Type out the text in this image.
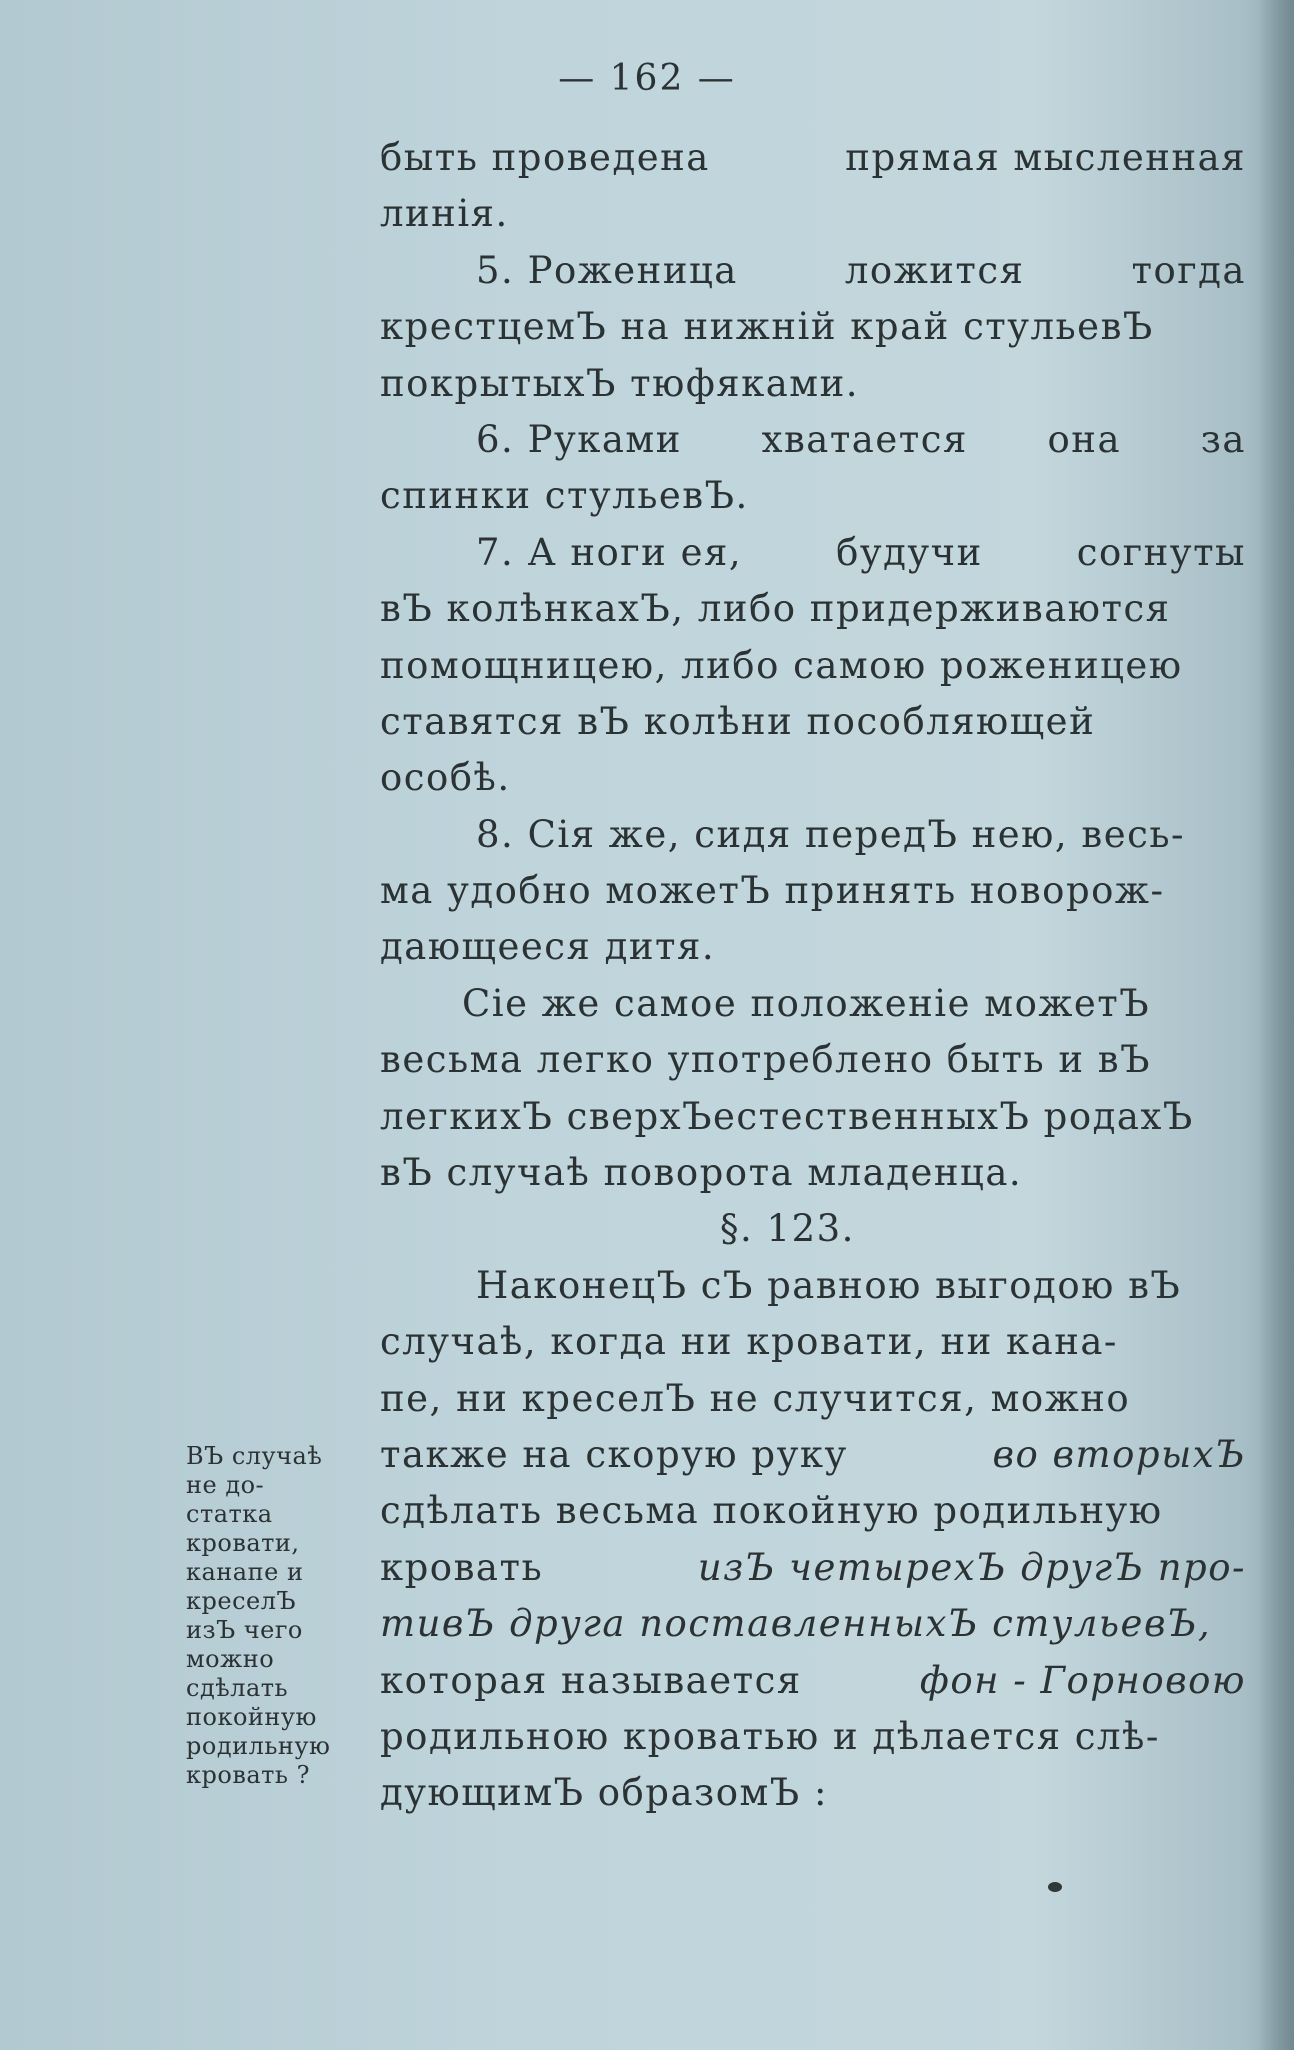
— 162 —
быть проведена	прямая мысленная
линія.
5. Роженица	ложится	тогда
крестцемЪ на нижній край стульевЪ
покрытыхЪ тюфяками.
6. Руками хватается она за
спинки стульевЪ.
7. А ноги ея,	будучи	согнуты
вЪ колѣнкахЪ, либо придерживаются
помощницею, либо самою роженицею
ставятся вЪ колѣни пособляющей
особѣ.
8. Сія же, сидя передЪ нею, весь-
ма удобно можетЪ принять новорож-
дающееся дитя.
Сіе же самое положеніе можетЪ
весьма легко употреблено быть и вЪ
легкихЪ сверхЪестественныхЪ родахЪ
вЪ случаѣ поворота младенца.
§. 123.
НаконецЪ сЪ равною выгодою вЪ
случаѣ, когда ни кровати, ни кана-
пе, ни креселЪ не случится, можно
также на скорую руку	во вторыхЪ
сдѣлать весьма покойную родильную
кровать	изЪ четырехЪ другЪ про-
тивЪ друга поставленныхЪ стульевЪ,
которая называется	фон - Горновою
родильною кроватью и дѣлается слѣ-
дующимЪ образомЪ :
ВЪ случаѣ
не до-
статка
кровати,
канапе и
креселЪ
изЪ чего
можно
сдѣлать
покойную
родильную
кровать ?
